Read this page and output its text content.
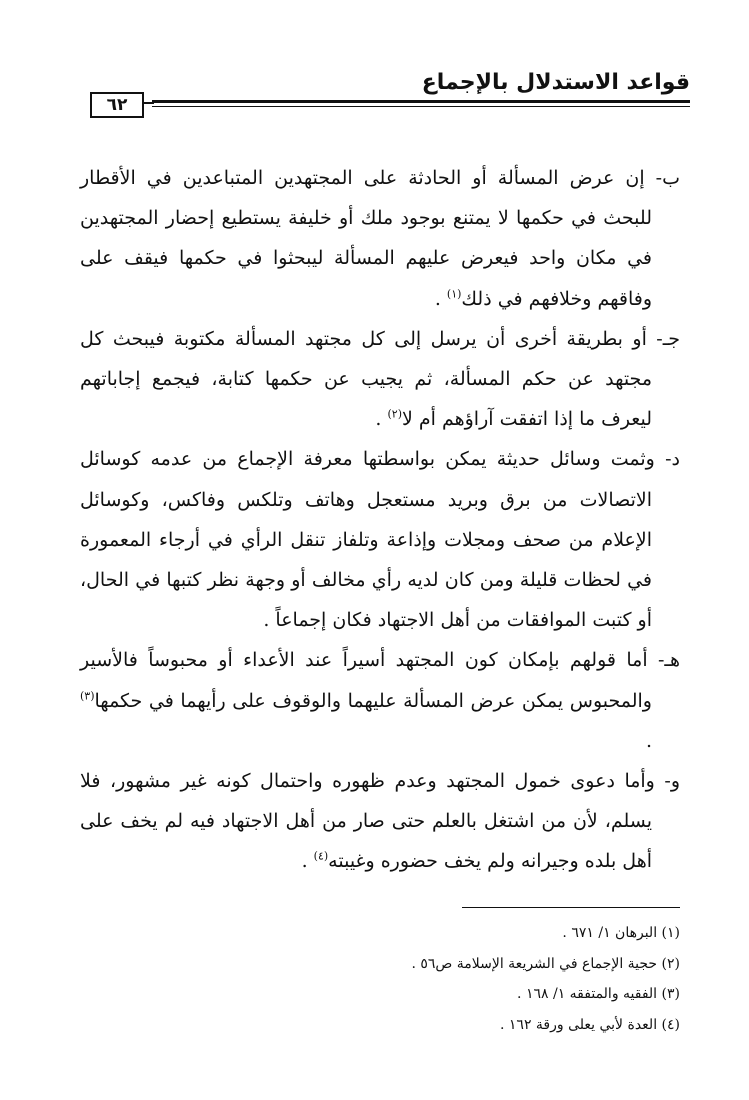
قواعد الاستدلال بالإجماع
٦٢

ب- إن عرض المسألة أو الحادثة على المجتهدين المتباعدين في الأقطار للبحث في حكمها لا يمتنع بوجود ملك أو خليفة يستطيع إحضار المجتهدين في مكان واحد فيعرض عليهم المسألة ليبحثوا في حكمها فيقف على وفاقهم وخلافهم في ذلك$^{(١)}$ .

جـ- أو بطريقة أخرى أن يرسل إلى كل مجتهد المسألة مكتوبة فيبحث كل مجتهد عن حكم المسألة، ثم يجيب عن حكمها كتابة، فيجمع إجاباتهم ليعرف ما إذا اتفقت آراؤهم أم لا$^{(٢)}$ .

د- وثمت وسائل حديثة يمكن بواسطتها معرفة الإجماع من عدمه كوسائل الاتصالات من برق وبريد مستعجل وهاتف وتلكس وفاكس، وكوسائل الإعلام من صحف ومجلات وإذاعة وتلفاز تنقل الرأي في أرجاء المعمورة في لحظات قليلة ومن كان لديه رأي مخالف أو وجهة نظر كتبها في الحال، أو كتبت الموافقات من أهل الاجتهاد فكان إجماعاً .

هـ- أما قولهم بإمكان كون المجتهد أسيراً عند الأعداء أو محبوساً فالأسير والمحبوس يمكن عرض المسألة عليهما والوقوف على رأيهما في حكمها$^{(٣)}$ .

و- وأما دعوى خمول المجتهد وعدم ظهوره واحتمال كونه غير مشهور، فلا يسلم، لأن من اشتغل بالعلم حتى صار من أهل الاجتهاد فيه لم يخف على أهل بلده وجيرانه ولم يخف حضوره وغيبته$^{(٤)}$ .

(١) البرهان ١/ ٦٧١ .

(٢) حجية الإجماع في الشريعة الإسلامة ص٥٦ .

(٣) الفقيه والمتفقه ١/ ١٦٨ .

(٤) العدة لأبي يعلى ورقة ١٦٢ .
